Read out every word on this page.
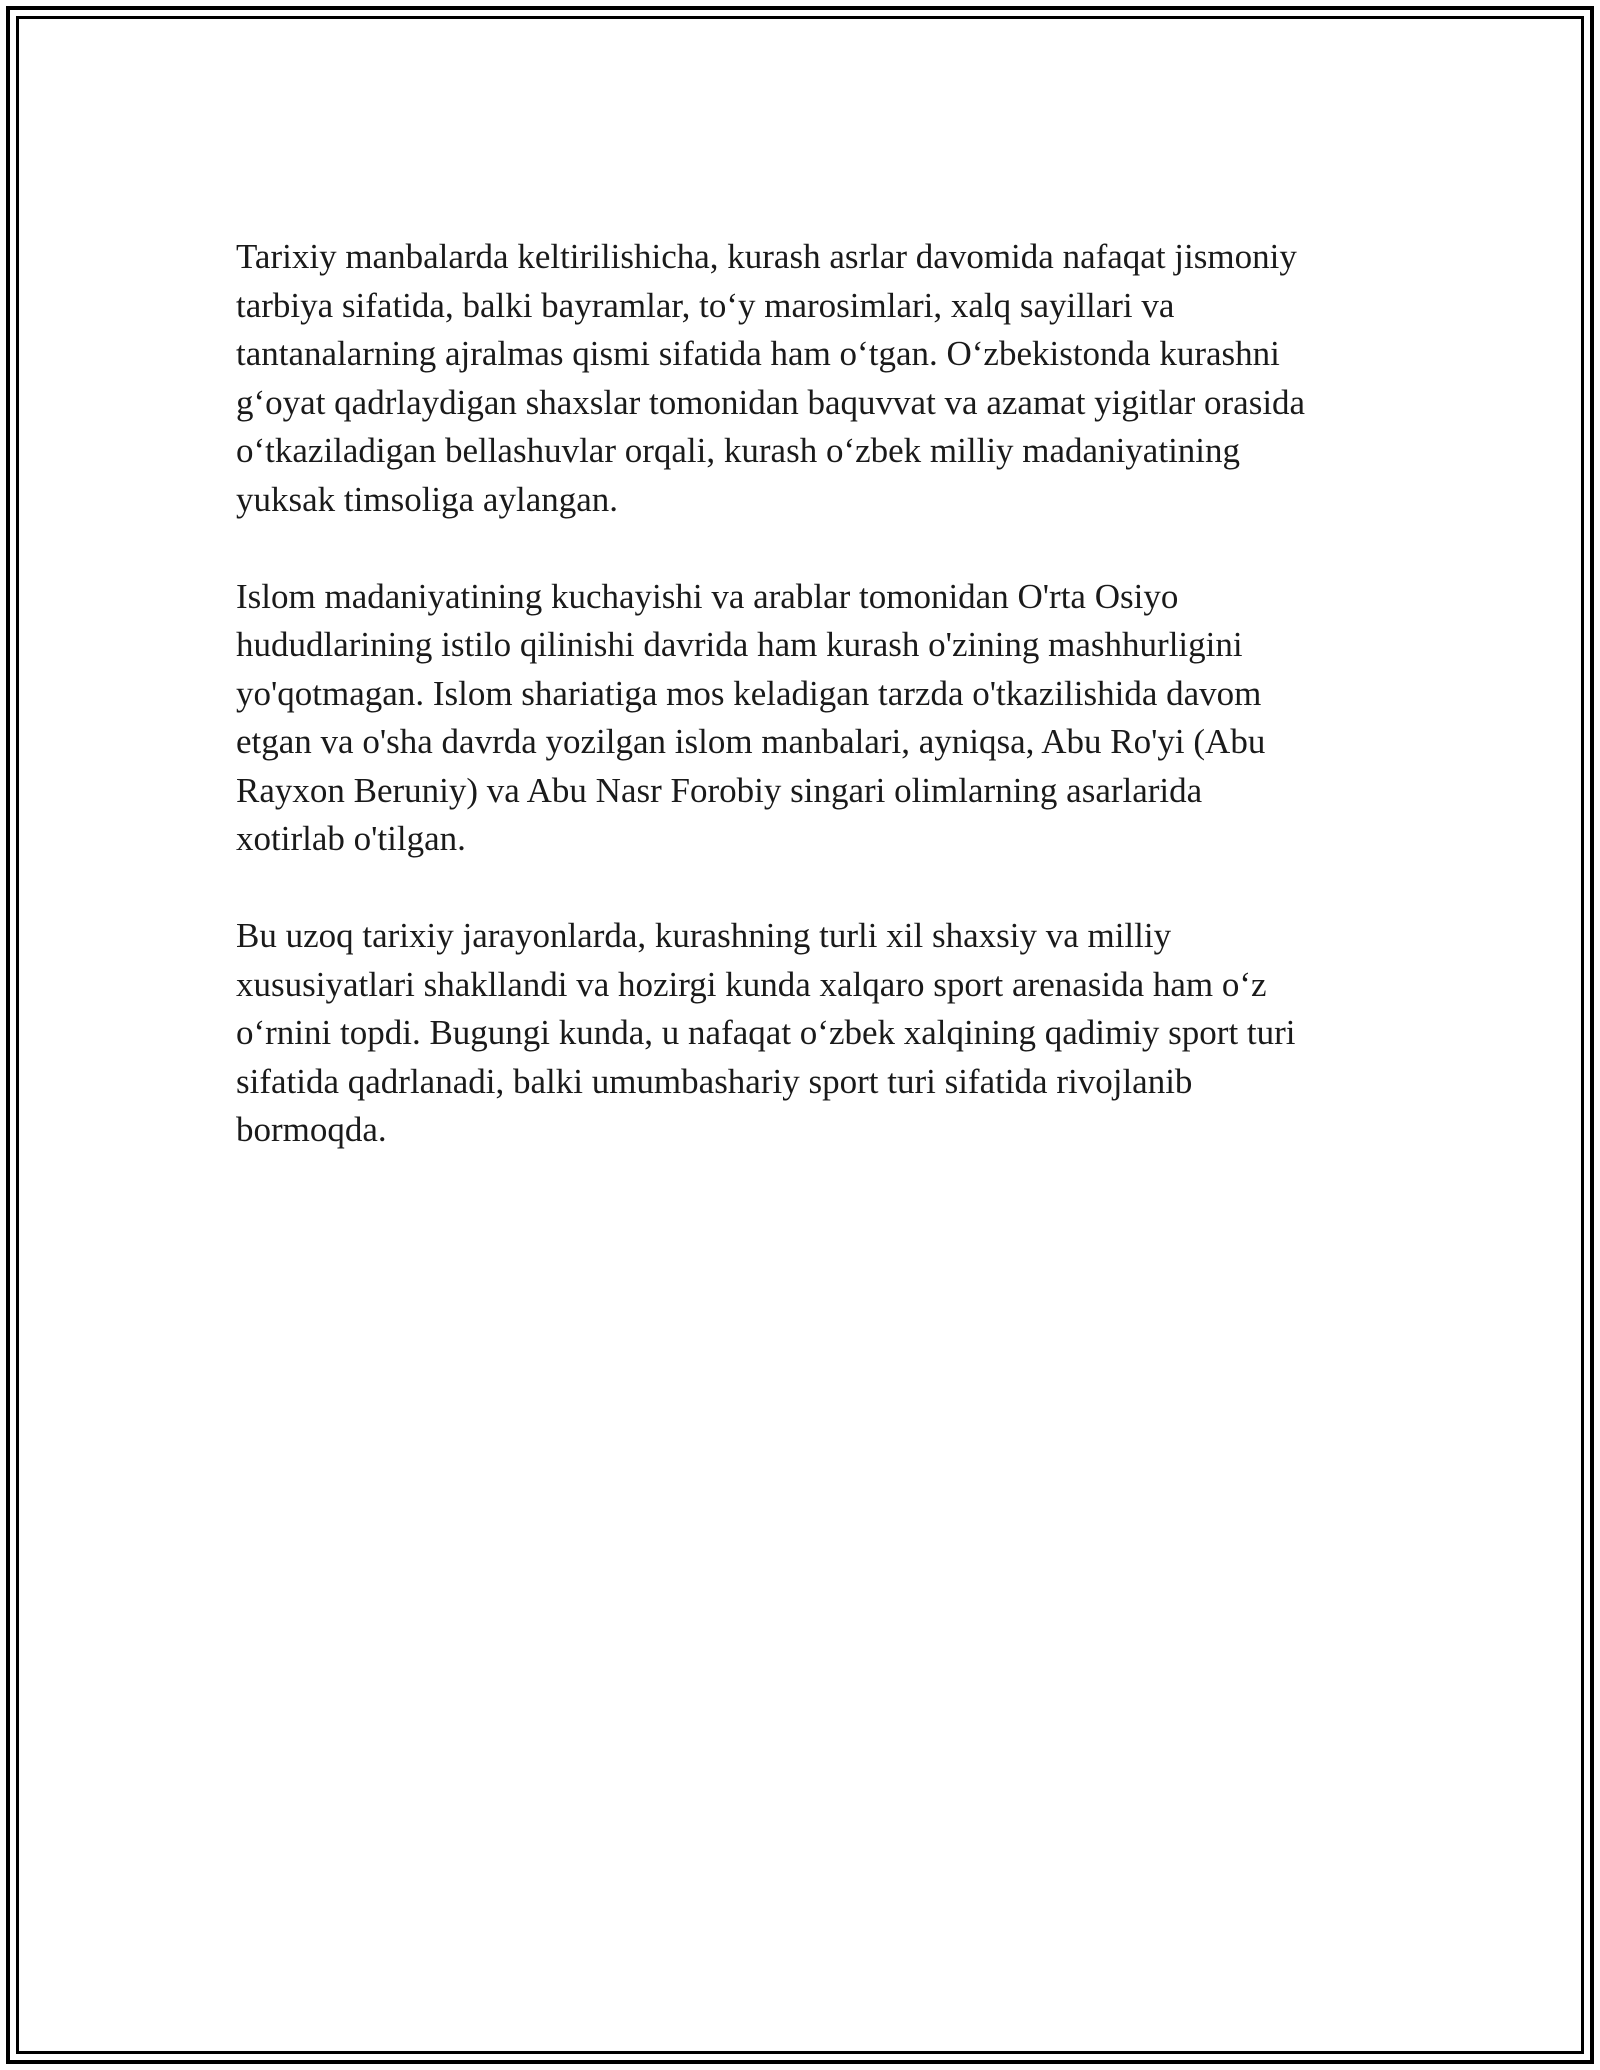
Tarixiy manbalarda keltirilishicha, kurash asrlar davomida nafaqat jismoniy
tarbiya sifatida, balki bayramlar, to‘y marosimlari, xalq sayillari va
tantanalarning ajralmas qismi sifatida ham o‘tgan. O‘zbekistonda kurashni
g‘oyat qadrlaydigan shaxslar tomonidan baquvvat va azamat yigitlar orasida
o‘tkaziladigan bellashuvlar orqali, kurash o‘zbek milliy madaniyatining
yuksak timsoliga aylangan.

Islom madaniyatining kuchayishi va arablar tomonidan O'rta Osiyo
hududlarining istilo qilinishi davrida ham kurash o'zining mashhurligini
yo'qotmagan. Islom shariatiga mos keladigan tarzda o'tkazilishida davom
etgan va o'sha davrda yozilgan islom manbalari, ayniqsa, Abu Ro'yi (Abu
Rayxon Beruniy) va Abu Nasr Forobiy singari olimlarning asarlarida
xotirlab o'tilgan.

Bu uzoq tarixiy jarayonlarda, kurashning turli xil shaxsiy va milliy
xususiyatlari shakllandi va hozirgi kunda xalqaro sport arenasida ham o‘z
o‘rnini topdi. Bugungi kunda, u nafaqat o‘zbek xalqining qadimiy sport turi
sifatida qadrlanadi, balki umumbashariy sport turi sifatida rivojlanib
bormoqda.
